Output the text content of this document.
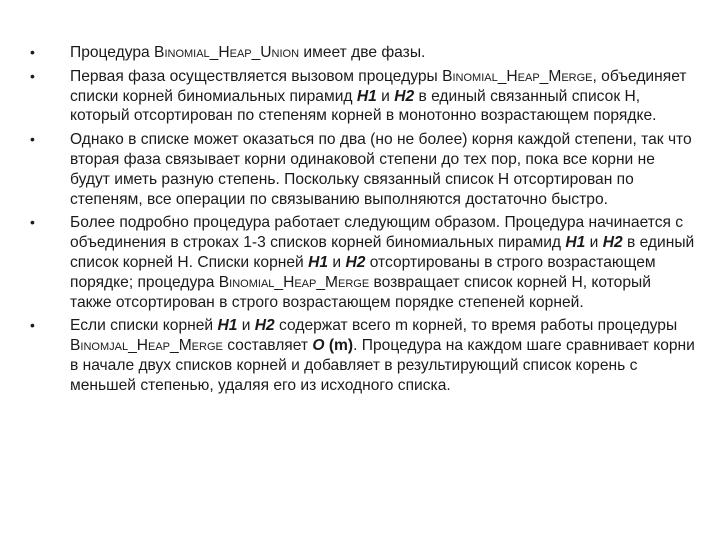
• Процедура Binomial_Heap_Union имеет две фазы.
• Первая фаза осуществляется вызовом процедуры Binomial_Heap_Merge, объединяет списки корней биномиальных пирамид Н1 и Н2 в единый связанный список Н, который отсортирован по степеням корней в монотонно возрастающем порядке.
• Однако в списке может оказаться по два (но не более) корня каждой степени, так что вторая фаза связывает корни одинаковой степени до тех пор, пока все корни не будут иметь разную степень. Поскольку связанный список Н отсортирован по степеням, все операции по связыванию выполняются достаточно быстро.
• Более подробно процедура работает следующим образом. Процедура начинается с объединения в строках 1-3 списков корней биномиальных пирамид Н1 и Н2 в единый список корней Н. Списки корней Н1 и Н2 отсортированы в строго возрастающем порядке; процедура Binomial_Heap_Merge возвращает список корней Н, который также отсортирован в строго возрастающем порядке степеней корней.
• Если списки корней Н1 и Н2 содержат всего m корней, то время работы процедуры Binomjal_Heap_Merge составляет O (m). Процедура на каждом шаге сравнивает корни в начале двух списков корней и добавляет в результирующий список корень с меньшей степенью, удаляя его из исходного списка.
